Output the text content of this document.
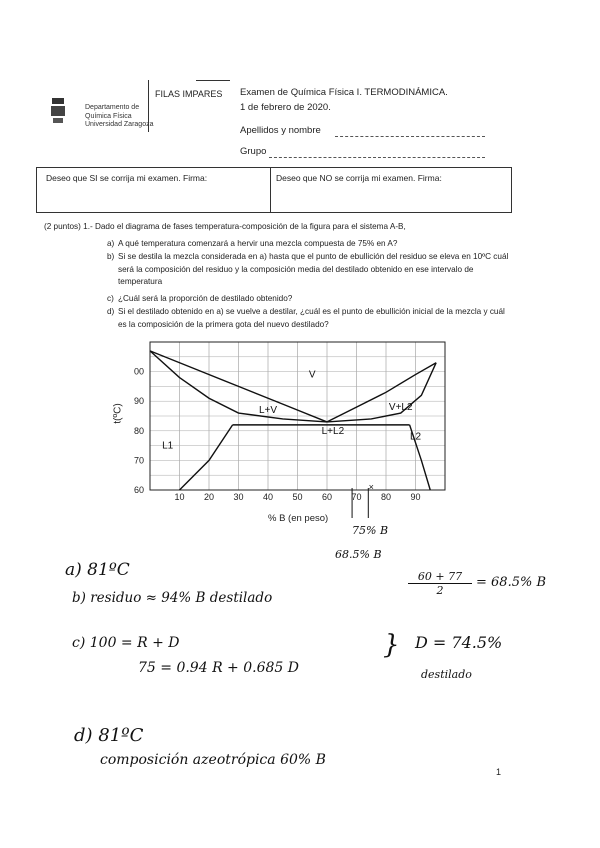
Departamento de
Química Física
Universidad Zaragoza
FILAS IMPARES Examen de Química Física I. TERMODINÁMICA.
1 de febrero de 2020.
Apellidos y nombre
Grupo
Deseo que SI se corrija mi examen. Firma:	Deseo que NO se corrija mi examen. Firma:
(2 puntos) 1.- Dado el diagrama de fases temperatura-composición de la figura para el sistema A-B,
a) A qué temperatura comenzará a hervir una mezcla compuesta de 75% en A?
b) Si se destila la mezcla considerada en a) hasta que el punto de ebullición del residuo se eleva en 10ºC cuál será la composición del residuo y la composición media del destilado obtenido en ese intervalo de temperatura
c) ¿Cuál será la proporción de destilado obtenido?
d) Si el destilado obtenido en a) se vuelve a destilar, ¿cuál es el punto de ebullición inicial de la mezcla y cuál es la composición de la primera gota del nuevo destilado?
10 20 30 40 50 60 70 80 90
60
70
80
90
00	V
L+V	V+L2
L+L2
L2
L1
×
t(ºC)
% B (en peso)
75% B
68.5% B
a) 81ºC
b) residuo ≈ 94% B destilado
$\frac{60 + 77}{2} = 68.5\%$ B
c) 100 = R + D
75 = 0.94 R + 0.685 D
} D = 74.5%
destilado
d) 81ºC
composición azeotrópica 60% B
1
